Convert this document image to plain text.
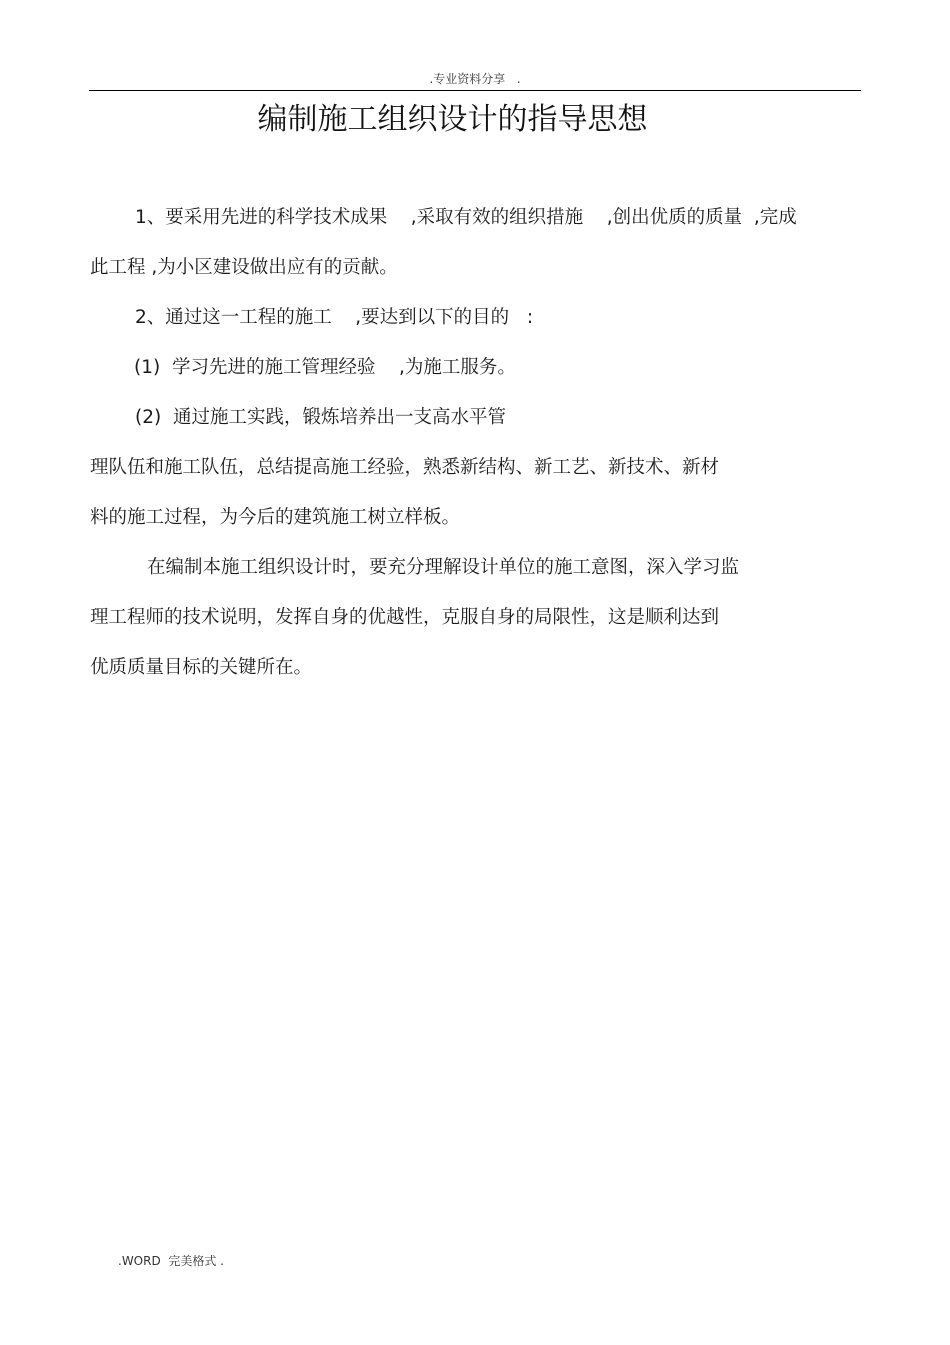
.专业资料分享   .
编制施工组织设计的指导思想
1、要采用先进的科学技术成果    ,采取有效的组织措施    ,创出优质的质量  ,完成
此工程 ,为小区建设做出应有的贡献。
2、通过这一工程的施工    ,要达到以下的目的   :
(1)  学习先进的施工管理经验    ,为施工服务。
(2)  通过施工实践，锻炼培养出一支高水平管
理队伍和施工队伍，总结提高施工经验，熟悉新结构、新工艺、新技术、新材
料的施工过程，为今后的建筑施工树立样板。
在编制本施工组织设计时，要充分理解设计单位的施工意图，深入学习监
理工程师的技术说明，发挥自身的优越性，克服自身的局限性，这是顺利达到
优质质量目标的关键所在。
.WORD  完美格式 .
